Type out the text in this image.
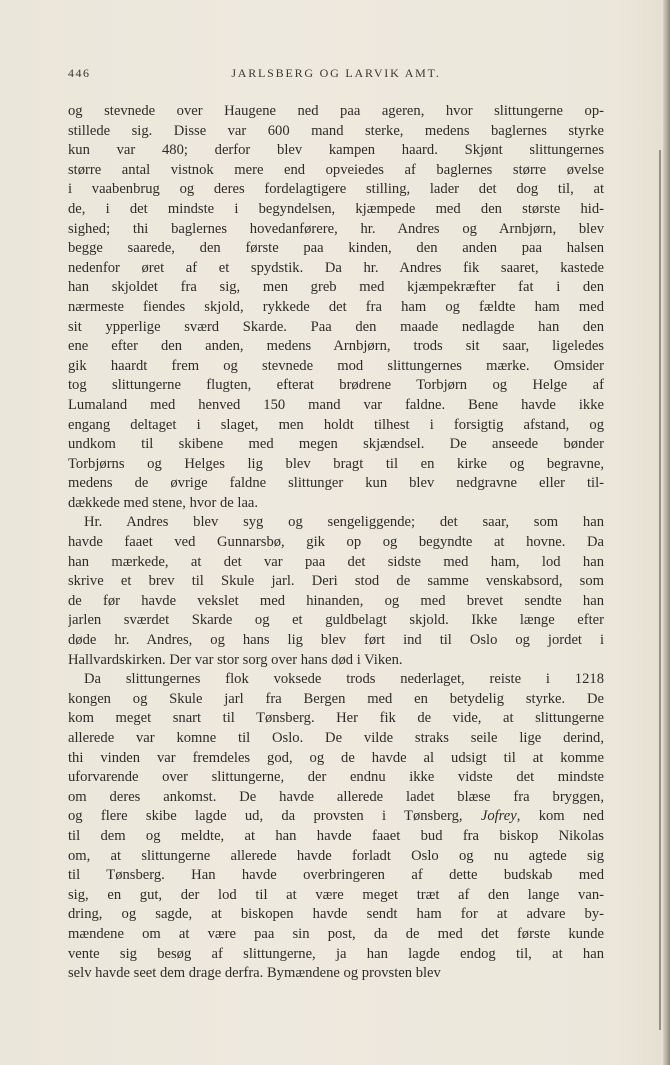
446	JARLSBERG OG LARVIK AMT.
og stevnede over Haugene ned paa ageren, hvor slittungerne op-
stillede sig. Disse var 600 mand sterke, medens baglernes styrke
kun var 480; derfor blev kampen haard. Skjønt slittungernes
større antal vistnok mere end opveiedes af baglernes større øvelse
i vaabenbrug og deres fordelagtigere stilling, lader det dog til, at
de, i det mindste i begyndelsen, kjæmpede med den største hid-
sighed; thi baglernes hovedanførere, hr. Andres og Arnbjørn, blev
begge saarede, den første paa kinden, den anden paa halsen
nedenfor øret af et spydstik. Da hr. Andres fik saaret, kastede
han skjoldet fra sig, men greb med kjæmpekræfter fat i den
nærmeste fiendes skjold, rykkede det fra ham og fældte ham med
sit ypperlige sværd Skarde. Paa den maade nedlagde han den
ene efter den anden, medens Arnbjørn, trods sit saar, ligeledes
gik haardt frem og stevnede mod slittungernes mærke. Omsider
tog slittungerne flugten, efterat brødrene Torbjørn og Helge af
Lumaland med henved 150 mand var faldne. Bene havde ikke
engang deltaget i slaget, men holdt tilhest i forsigtig afstand, og
undkom til skibene med megen skjændsel. De anseede bønder
Torbjørns og Helges lig blev bragt til en kirke og begravne,
medens de øvrige faldne slittunger kun blev nedgravne eller til-
dækkede med stene, hvor de laa.
Hr. Andres blev syg og sengeliggende; det saar, som han
havde faaet ved Gunnarsbø, gik op og begyndte at hovne. Da
han mærkede, at det var paa det sidste med ham, lod han
skrive et brev til Skule jarl. Deri stod de samme venskabsord, som
de før havde vekslet med hinanden, og med brevet sendte han
jarlen sværdet Skarde og et guldbelagt skjold. Ikke længe efter
døde hr. Andres, og hans lig blev ført ind til Oslo og jordet i
Hallvardskirken. Der var stor sorg over hans død i Viken.
Da slittungernes flok voksede trods nederlaget, reiste i 1218
kongen og Skule jarl fra Bergen med en betydelig styrke. De
kom meget snart til Tønsberg. Her fik de vide, at slittungerne
allerede var komne til Oslo. De vilde straks seile lige derind,
thi vinden var fremdeles god, og de havde al udsigt til at komme
uforvarende over slittungerne, der endnu ikke vidste det mindste
om deres ankomst. De havde allerede ladet blæse fra bryggen,
og flere skibe lagde ud, da provsten i Tønsberg, Jofrey, kom ned
til dem og meldte, at han havde faaet bud fra biskop Nikolas
om, at slittungerne allerede havde forladt Oslo og nu agtede sig
til Tønsberg. Han havde overbringeren af dette budskab med
sig, en gut, der lod til at være meget træt af den lange van-
dring, og sagde, at biskopen havde sendt ham for at advare by-
mændene om at være paa sin post, da de med det første kunde
vente sig besøg af slittungerne, ja han lagde endog til, at han
selv havde seet dem drage derfra. Bymændene og provsten blev
